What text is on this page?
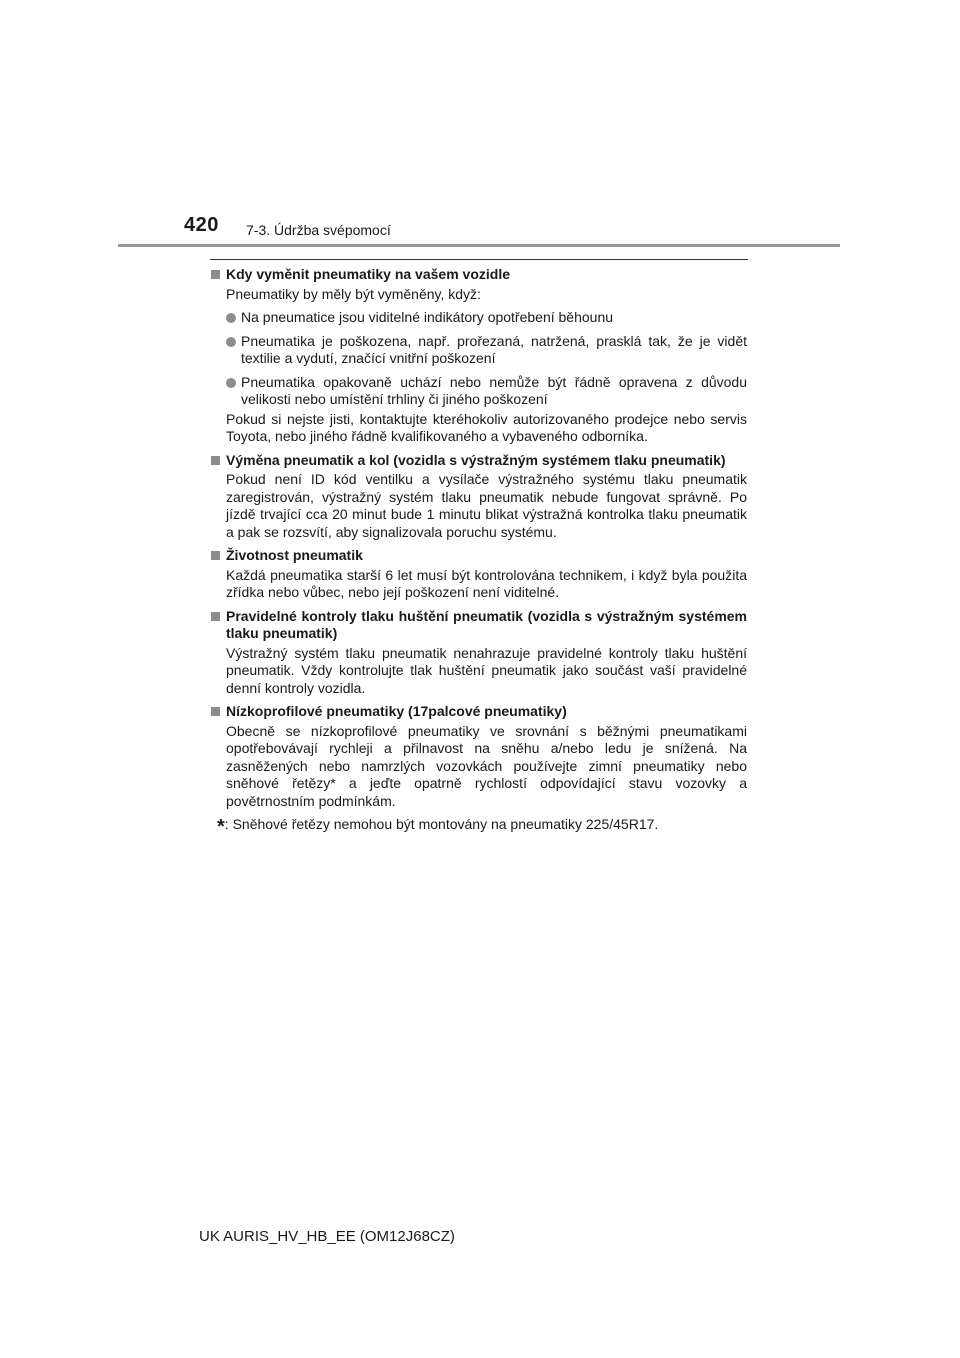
420 7-3. Údržba svépomocí
Kdy vyměnit pneumatiky na vašem vozidle
Pneumatiky by měly být vyměněny, když:
Na pneumatice jsou viditelné indikátory opotřebení běhounu
Pneumatika je poškozena, např. prořezaná, natržená, prasklá tak, že je vidět textilie a vydutí, značící vnitřní poškození
Pneumatika opakovaně uchází nebo nemůže být řádně opravena z důvodu velikosti nebo umístění trhliny či jiného poškození
Pokud si nejste jisti, kontaktujte kteréhokoliv autorizovaného prodejce nebo servis Toyota, nebo jiného řádně kvalifikovaného a vybaveného odborníka.
Výměna pneumatik a kol (vozidla s výstražným systémem tlaku pneumatik)
Pokud není ID kód ventilku a vysílače výstražného systému tlaku pneumatik zaregistrován, výstražný systém tlaku pneumatik nebude fungovat správně. Po jízdě trvající cca 20 minut bude 1 minutu blikat výstražná kontrolka tlaku pneumatik a pak se rozsvítí, aby signalizovala poruchu systému.
Životnost pneumatik
Každá pneumatika starší 6 let musí být kontrolována technikem, i když byla použita zřídka nebo vůbec, nebo její poškození není viditelné.
Pravidelné kontroly tlaku huštění pneumatik (vozidla s výstražným systémem tlaku pneumatik)
Výstražný systém tlaku pneumatik nenahrazuje pravidelné kontroly tlaku huštění pneumatik. Vždy kontrolujte tlak huštění pneumatik jako součást vaší pravidelné denní kontroly vozidla.
Nízkoprofilové pneumatiky (17palcové pneumatiky)
Obecně se nízkoprofilové pneumatiky ve srovnání s běžnými pneumatikami opotřebovávají rychleji a přilnavost na sněhu a/nebo ledu je snížená. Na zasněžených nebo namrzlých vozovkách používejte zimní pneumatiky nebo sněhové řetězy* a jeďte opatrně rychlostí odpovídající stavu vozovky a povětrnostním podmínkám.
*: Sněhové řetězy nemohou být montovány na pneumatiky 225/45R17.
UK AURIS_HV_HB_EE (OM12J68CZ)
